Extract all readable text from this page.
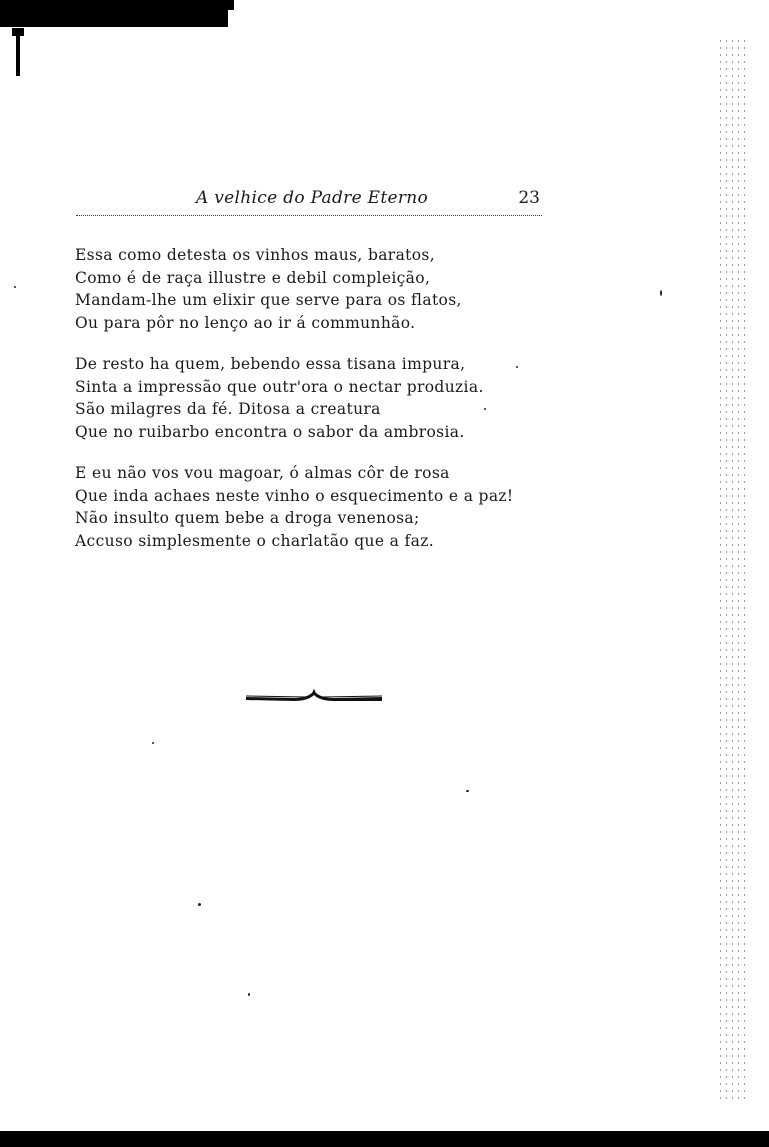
A velhice do Padre Eterno	23
Essa como detesta os vinhos maus, baratos,
Como é de raça illustre e debil compleição,
Mandam-lhe um elixir que serve para os flatos,
Ou para pôr no lenço ao ir á communhão.
De resto ha quem, bebendo essa tisana impura,
Sinta a impressão que outr'ora o nectar produzia.
São milagres da fé. Ditosa a creatura
Que no ruibarbo encontra o sabor da ambrosia.
E eu não vos vou magoar, ó almas côr de rosa
Que inda achaes neste vinho o esquecimento e a paz!
Não insulto quem bebe a droga venenosa;
Accuso simplesmente o charlatão que a faz.
